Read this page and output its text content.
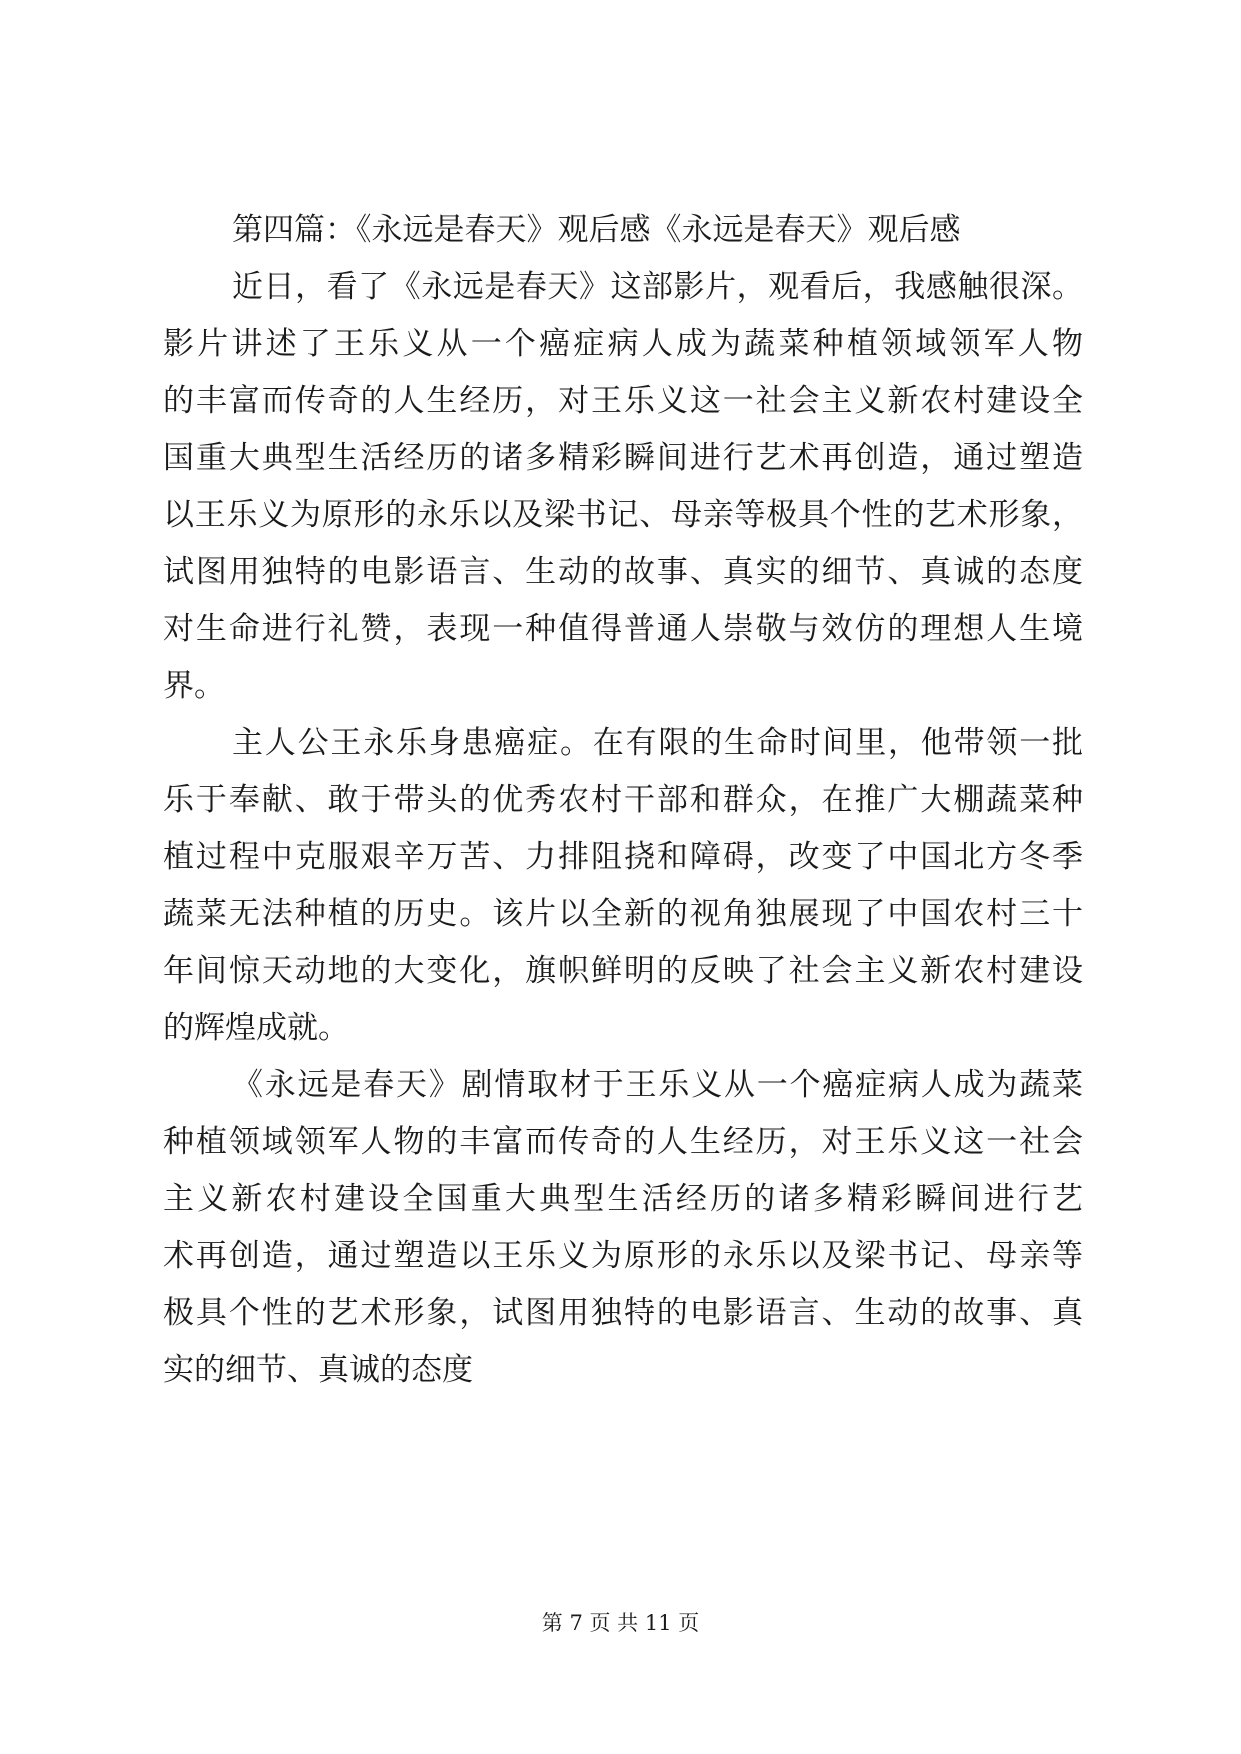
第四篇：《永远是春天》观后感《永远是春天》观后感
近日，看了《永远是春天》这部影片，观看后，我感触很深。
影片讲述了王乐义从一个癌症病人成为蔬菜种植领域领军人物
的丰富而传奇的人生经历，对王乐义这一社会主义新农村建设全
国重大典型生活经历的诸多精彩瞬间进行艺术再创造，通过塑造
以王乐义为原形的永乐以及梁书记、母亲等极具个性的艺术形象，
试图用独特的电影语言、生动的故事、真实的细节、真诚的态度
对生命进行礼赞，表现一种值得普通人崇敬与效仿的理想人生境
界。
主人公王永乐身患癌症。在有限的生命时间里，他带领一批
乐于奉献、敢于带头的优秀农村干部和群众，在推广大棚蔬菜种
植过程中克服艰辛万苦、力排阻挠和障碍，改变了中国北方冬季
蔬菜无法种植的历史。该片以全新的视角独展现了中国农村三十
年间惊天动地的大变化，旗帜鲜明的反映了社会主义新农村建设
的辉煌成就。
《永远是春天》剧情取材于王乐义从一个癌症病人成为蔬菜
种植领域领军人物的丰富而传奇的人生经历，对王乐义这一社会
主义新农村建设全国重大典型生活经历的诸多精彩瞬间进行艺
术再创造，通过塑造以王乐义为原形的永乐以及梁书记、母亲等
极具个性的艺术形象，试图用独特的电影语言、生动的故事、真
实的细节、真诚的态度
第 7 页 共 11 页
